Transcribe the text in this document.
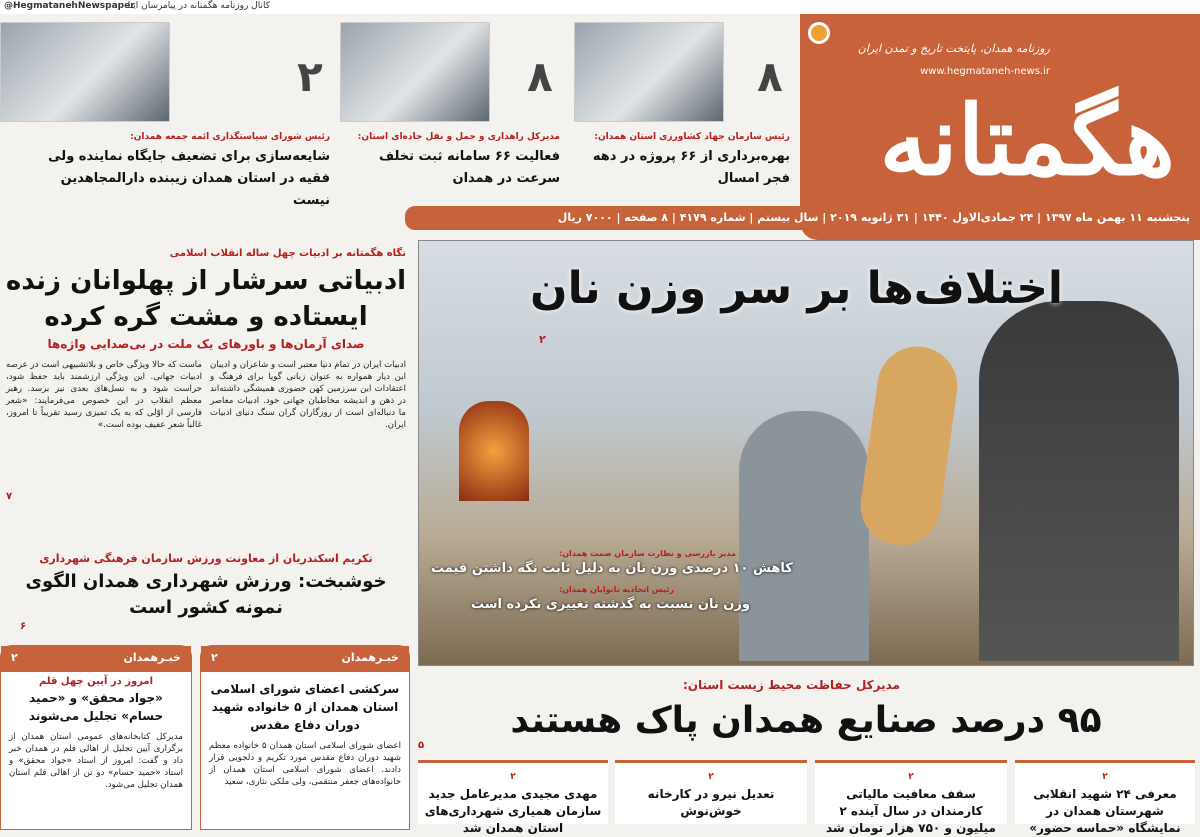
کانال روزنامه هگمتانه در پیامرسان ایتا
@HegmatanehNewspaper
روزنامه همدان، پایتخت تاریخ و تمدن ایران
www.hegmataneh-news.ir
هگمتانه
۸
رئیس سازمان جهاد کشاورزی استان همدان:
بهره‌برداری از ۶۶ پروژه در دهه فجر امسال
۸
مدیرکل راهداری و حمل و نقل جاده‌ای استان:
فعالیت ۶۶ سامانه ثبت تخلف سرعت در همدان
۲
رئیس شورای سیاستگذاری ائمه جمعه همدان:
شایعه‌سازی برای تضعیف جایگاه نماینده ولی فقیه در استان همدان زیبنده دارالمجاهدین نیست
پنجشنبه ۱۱ بهمن ماه ۱۳۹۷ | ۲۴ جمادی‌الاول ۱۴۴۰ | ۳۱ ژانویه ۲۰۱۹ | سال بیستم | شماره ۴۱۷۹ | ۸ صفحه | ۷۰۰۰ ریال
اختلاف‌ها بر سر وزن نان
۲
مدیر بازرسی و نظارت سازمان صمت همدان:
کاهش ۱۰ درصدی وزن نان به دلیل ثابت نگه داشتن قیمت
رئیس اتحادیه نانوایان همدان:
وزن نان نسبت به گذشته تغییری نکرده است
نگاه هگمتانه بر ادبیات چهل ساله انقلاب اسلامی
ادبیاتی سرشار از پهلوانان زنده ایستاده و مشت گره کرده
صدای آرمان‌ها و باورهای یک ملت در بی‌صدایی واژه‌ها
ادبیات ایران در تمام دنیا معتبر است و شاعران و ادیبان این دیار همواره به عنوان زبانی گویا برای فرهنگ و اعتقادات این سرزمین کهن حضوری همیشگی داشته‌اند در ذهن و اندیشه مخاطبان جهانی خود. ادبیات معاصر ما دنباله‌ای است از روزگاران گران سنگ دنیای ادبیات ایران.
ماست که حالا ویژگی خاص و بلاتشبیهی است در عرصه ادبیات جهانی. این ویژگی ارزشمند باید حفظ شود، حراست شود و به نسل‌های بعدی نیز برسد. رهبر معظم انقلاب در این خصوص می‌فرمایند: «شعر فارسی از اوّلی که به یک تمیزی رسید تقریباً تا امروز، غالباً شعر عفیف بوده است.»
۷
تکریم اسکندریان از معاونت ورزش سازمان فرهنگی شهرداری
خوشبخت: ورزش شهرداری همدان الگوی نمونه کشور است
۶
خبـرهمدان
۲
سرکشی اعضای شورای اسلامی استان همدان از ۵ خانواده شهید دوران دفاع مقدس
اعضای شورای اسلامی استان همدان ۵ خانواده معظم شهید دوران دفاع مقدس مورد تکریم و دلجویی قرار دادند. اعضای شورای اسلامی استان همدان از خانواده‌های جعفر منتقمی، ولی ملکی نثاری، سعید
خبـرهمدان
۲
امروز در آیین چهل قلم
«جواد محقق» و «حمید حسام» تجلیل می‌شوند
مدیرکل کتابخانه‌های عمومی استان همدان از برگزاری آیین تجلیل از اهالی قلم در همدان خبر داد و گفت: امروز از استاد «جواد محقق» و استاد «حمید حسام» دو تن از اهالی قلم استان همدان تجلیل می‌شود.
مدیرکل حفاظت محیط زیست استان:
۹۵ درصد صنایع همدان پاک هستند
۵
۲
معرفی ۲۴ شهید انقلابی شهرستان همدان در نمایشگاه «حماسه حضور»
۲
سقف معافیت مالیاتی کارمندان در سال آینده ۲ میلیون و ۷۵۰ هزار تومان شد
۲
تعدیل نیرو در کارخانه خوش‌نوش
۲
مهدی مجیدی مدیرعامل جدید سازمان همیاری شهرداری‌های استان همدان شد
